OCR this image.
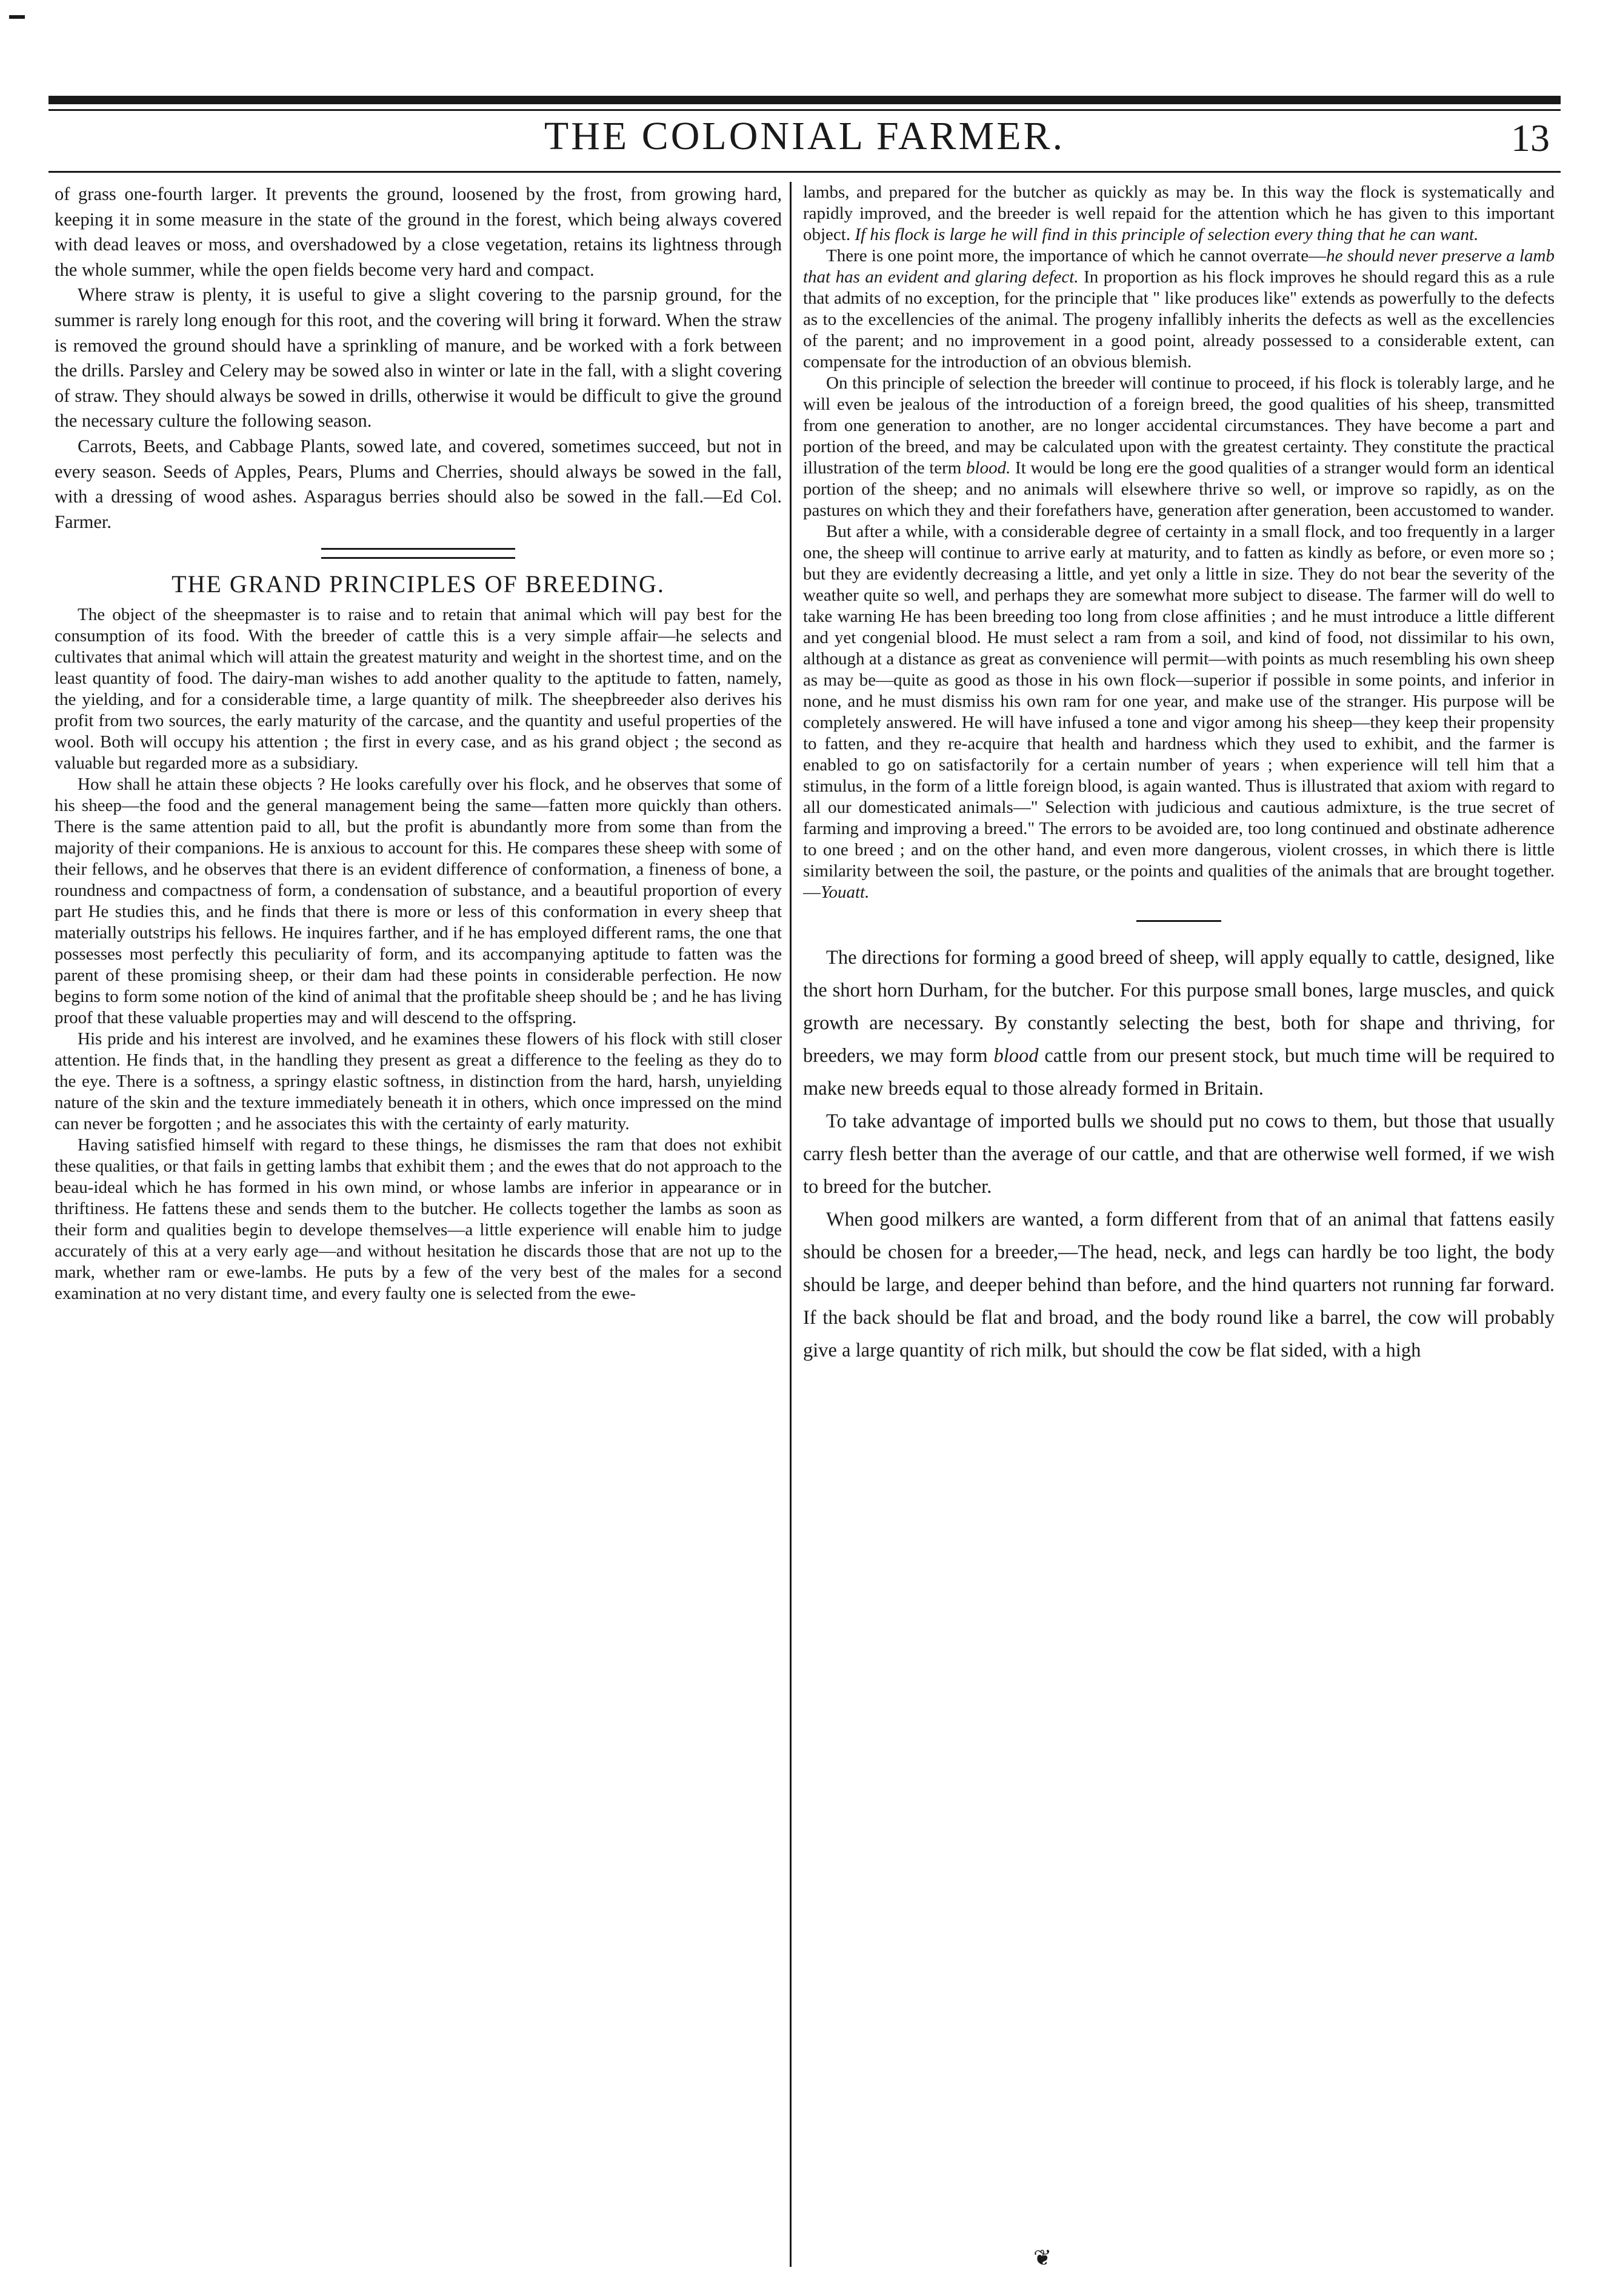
THE COLONIAL FARMER.	13

of grass one-fourth larger. It prevents the ground, loosened by the frost, from growing hard, keeping it in some measure in the state of the ground in the forest, which being always covered with dead leaves or moss, and overshadowed by a close vegetation, retains its lightness through the whole summer, while the open fields become very hard and compact.

Where straw is plenty, it is useful to give a slight covering to the parsnip ground, for the summer is rarely long enough for this root, and the covering will bring it forward. When the straw is removed the ground should have a sprinkling of manure, and be worked with a fork between the drills. Parsley and Celery may be sowed also in winter or late in the fall, with a slight covering of straw. They should always be sowed in drills, otherwise it would be difficult to give the ground the necessary culture the following season.

Carrots, Beets, and Cabbage Plants, sowed late, and covered, sometimes succeed, but not in every season. Seeds of Apples, Pears, Plums and Cherries, should always be sowed in the fall, with a dressing of wood ashes. Asparagus berries should also be sowed in the fall.—Ed Col. Farmer.

THE GRAND PRINCIPLES OF BREEDING.

The object of the sheepmaster is to raise and to retain that animal which will pay best for the consumption of its food. With the breeder of cattle this is a very simple affair—he selects and cultivates that animal which will attain the greatest maturity and weight in the shortest time, and on the least quantity of food. The dairy-man wishes to add another quality to the aptitude to fatten, namely, the yielding, and for a considerable time, a large quantity of milk. The sheepbreeder also derives his profit from two sources, the early maturity of the carcase, and the quantity and useful properties of the wool. Both will occupy his attention ; the first in every case, and as his grand object ; the second as valuable but regarded more as a subsidiary.

How shall he attain these objects ? He looks carefully over his flock, and he observes that some of his sheep—the food and the general management being the same—fatten more quickly than others. There is the same attention paid to all, but the profit is abundantly more from some than from the majority of their companions. He is anxious to account for this. He compares these sheep with some of their fellows, and he observes that there is an evident difference of conformation, a fineness of bone, a roundness and compactness of form, a condensation of substance, and a beautiful proportion of every part He studies this, and he finds that there is more or less of this conformation in every sheep that materially outstrips his fellows. He inquires farther, and if he has employed different rams, the one that possesses most perfectly this peculiarity of form, and its accompanying aptitude to fatten was the parent of these promising sheep, or their dam had these points in considerable perfection. He now begins to form some notion of the kind of animal that the profitable sheep should be ; and he has living proof that these valuable properties may and will descend to the offspring.

His pride and his interest are involved, and he examines these flowers of his flock with still closer attention. He finds that, in the handling they present as great a difference to the feeling as they do to the eye. There is a softness, a springy elastic softness, in distinction from the hard, harsh, unyielding nature of the skin and the texture immediately beneath it in others, which once impressed on the mind can never be forgotten ; and he associates this with the certainty of early maturity.

Having satisfied himself with regard to these things, he dismisses the ram that does not exhibit these qualities, or that fails in getting lambs that exhibit them ; and the ewes that do not approach to the beau-ideal which he has formed in his own mind, or whose lambs are inferior in appearance or in thriftiness. He fattens these and sends them to the butcher. He collects together the lambs as soon as their form and qualities begin to develope themselves—a little experience will enable him to judge accurately of this at a very early age—and without hesitation he discards those that are not up to the mark, whether ram or ewe-lambs. He puts by a few of the very best of the males for a second examination at no very distant time, and every faulty one is selected from the ewe-

lambs, and prepared for the butcher as quickly as may be. In this way the flock is systematically and rapidly improved, and the breeder is well repaid for the attention which he has given to this important object. If his flock is large he will find in this principle of selection every thing that he can want.

There is one point more, the importance of which he cannot overrate—he should never preserve a lamb that has an evident and glaring defect. In proportion as his flock improves he should regard this as a rule that admits of no exception, for the principle that " like produces like" extends as powerfully to the defects as to the excellencies of the animal. The progeny infallibly inherits the defects as well as the excellencies of the parent; and no improvement in a good point, already possessed to a considerable extent, can compensate for the introduction of an obvious blemish.

On this principle of selection the breeder will continue to proceed, if his flock is tolerably large, and he will even be jealous of the introduction of a foreign breed, the good qualities of his sheep, transmitted from one generation to another, are no longer accidental circumstances. They have become a part and portion of the breed, and may be calculated upon with the greatest certainty. They constitute the practical illustration of the term blood. It would be long ere the good qualities of a stranger would form an identical portion of the sheep; and no animals will elsewhere thrive so well, or improve so rapidly, as on the pastures on which they and their forefathers have, generation after generation, been accustomed to wander.

But after a while, with a considerable degree of certainty in a small flock, and too frequently in a larger one, the sheep will continue to arrive early at maturity, and to fatten as kindly as before, or even more so ; but they are evidently decreasing a little, and yet only a little in size. They do not bear the severity of the weather quite so well, and perhaps they are somewhat more subject to disease. The farmer will do well to take warning He has been breeding too long from close affinities ; and he must introduce a little different and yet congenial blood. He must select a ram from a soil, and kind of food, not dissimilar to his own, although at a distance as great as convenience will permit—with points as much resembling his own sheep as may be—quite as good as those in his own flock—superior if possible in some points, and inferior in none, and he must dismiss his own ram for one year, and make use of the stranger. His purpose will be completely answered. He will have infused a tone and vigor among his sheep—they keep their propensity to fatten, and they re-acquire that health and hardness which they used to exhibit, and the farmer is enabled to go on satisfactorily for a certain number of years ; when experience will tell him that a stimulus, in the form of a little foreign blood, is again wanted. Thus is illustrated that axiom with regard to all our domesticated animals—" Selection with judicious and cautious admixture, is the true secret of farming and improving a breed." The errors to be avoided are, too long continued and obstinate adherence to one breed ; and on the other hand, and even more dangerous, violent crosses, in which there is little similarity between the soil, the pasture, or the points and qualities of the animals that are brought together.—Youatt.

The directions for forming a good breed of sheep, will apply equally to cattle, designed, like the short horn Durham, for the butcher. For this purpose small bones, large muscles, and quick growth are necessary. By constantly selecting the best, both for shape and thriving, for breeders, we may form blood cattle from our present stock, but much time will be required to make new breeds equal to those already formed in Britain.

To take advantage of imported bulls we should put no cows to them, but those that usually carry flesh better than the average of our cattle, and that are otherwise well formed, if we wish to breed for the butcher.

When good milkers are wanted, a form different from that of an animal that fattens easily should be chosen for a breeder,—The head, neck, and legs can hardly be too light, the body should be large, and deeper behind than before, and the hind quarters not running far forward. If the back should be flat and broad, and the body round like a barrel, the cow will probably give a large quantity of rich milk, but should the cow be flat sided, with a high

❦
